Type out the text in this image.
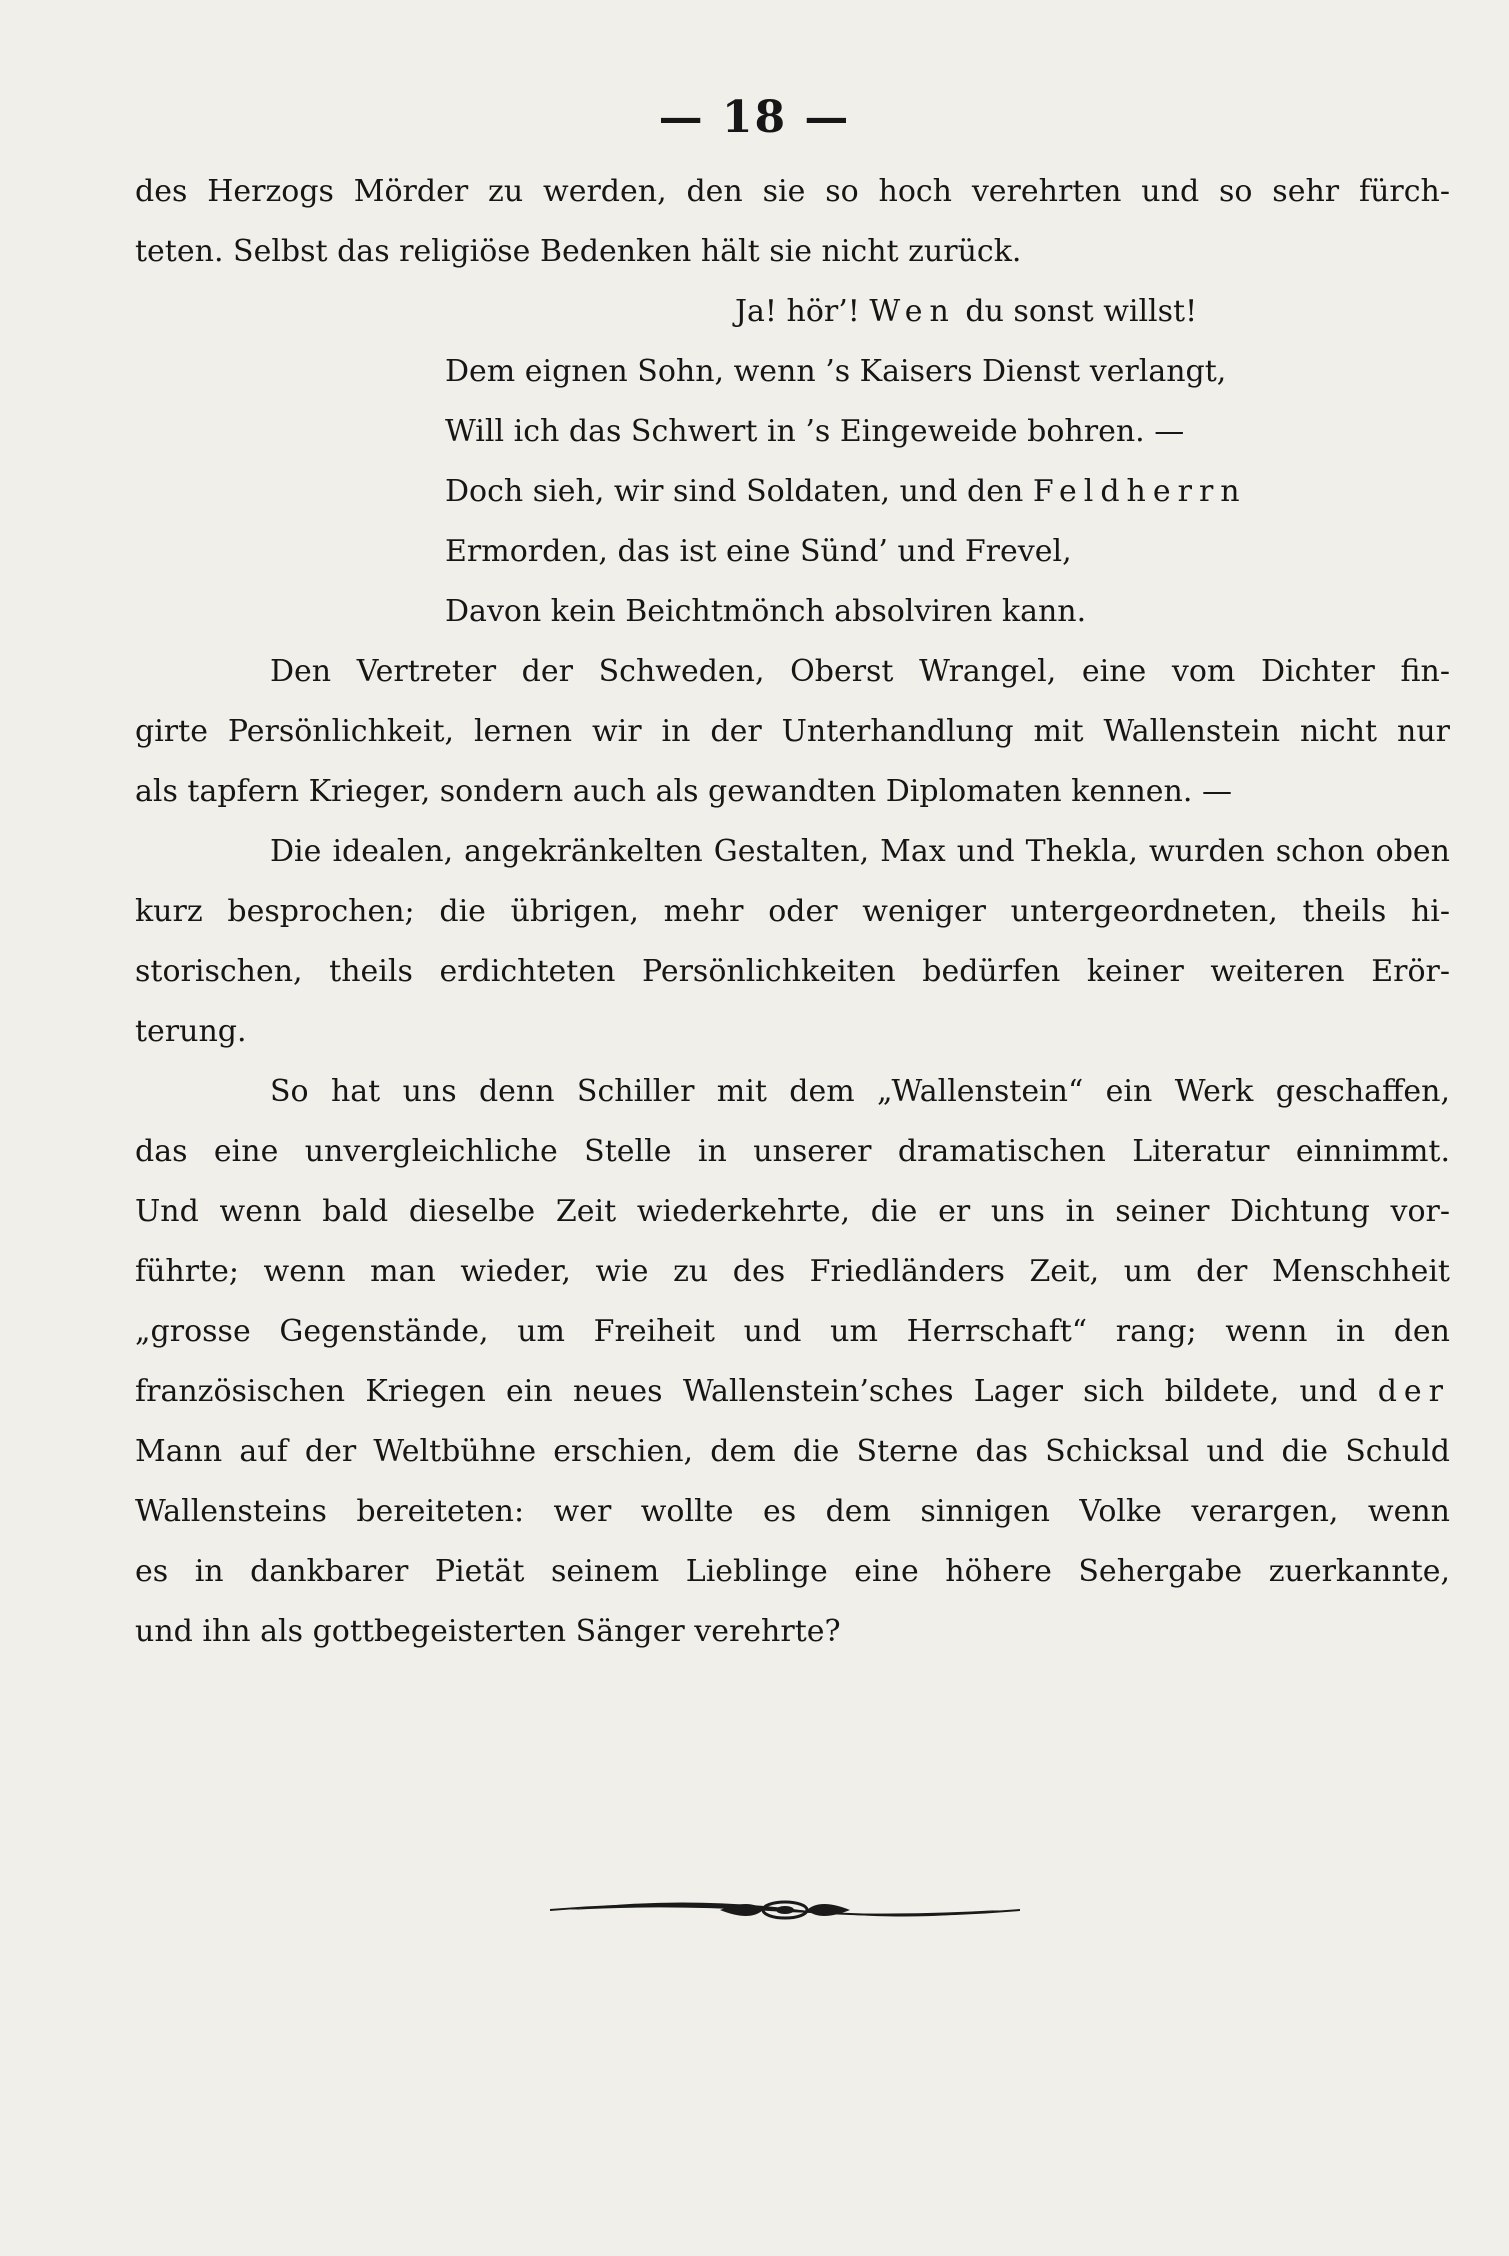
— 18 —
des Herzogs Mörder zu werden, den sie so hoch verehrten und so sehr fürch-
teten. Selbst das religiöse Bedenken hält sie nicht zurück.
Ja! hör’! Wen du sonst willst!
Dem eignen Sohn, wenn ’s Kaisers Dienst verlangt,
Will ich das Schwert in ’s Eingeweide bohren. —
Doch sieh, wir sind Soldaten, und den Feldherrn
Ermorden, das ist eine Sünd’ und Frevel,
Davon kein Beichtmönch absolviren kann.
Den Vertreter der Schweden, Oberst Wrangel, eine vom Dichter fin-
girte Persönlichkeit, lernen wir in der Unterhandlung mit Wallenstein nicht nur
als tapfern Krieger, sondern auch als gewandten Diplomaten kennen. —
Die idealen, angekränkelten Gestalten, Max und Thekla, wurden schon oben
kurz besprochen; die übrigen, mehr oder weniger untergeordneten, theils hi-
storischen, theils erdichteten Persönlichkeiten bedürfen keiner weiteren Erör-
terung.
So hat uns denn Schiller mit dem „Wallenstein“ ein Werk geschaffen,
das eine unvergleichliche Stelle in unserer dramatischen Literatur einnimmt.
Und wenn bald dieselbe Zeit wiederkehrte, die er uns in seiner Dichtung vor-
führte; wenn man wieder, wie zu des Friedländers Zeit, um der Menschheit
„grosse Gegenstände, um Freiheit und um Herrschaft“ rang; wenn in den
französischen Kriegen ein neues Wallenstein’sches Lager sich bildete, und der
Mann auf der Weltbühne erschien, dem die Sterne das Schicksal und die Schuld
Wallensteins bereiteten: wer wollte es dem sinnigen Volke verargen, wenn
es in dankbarer Pietät seinem Lieblinge eine höhere Sehergabe zuerkannte,
und ihn als gottbegeisterten Sänger verehrte?
